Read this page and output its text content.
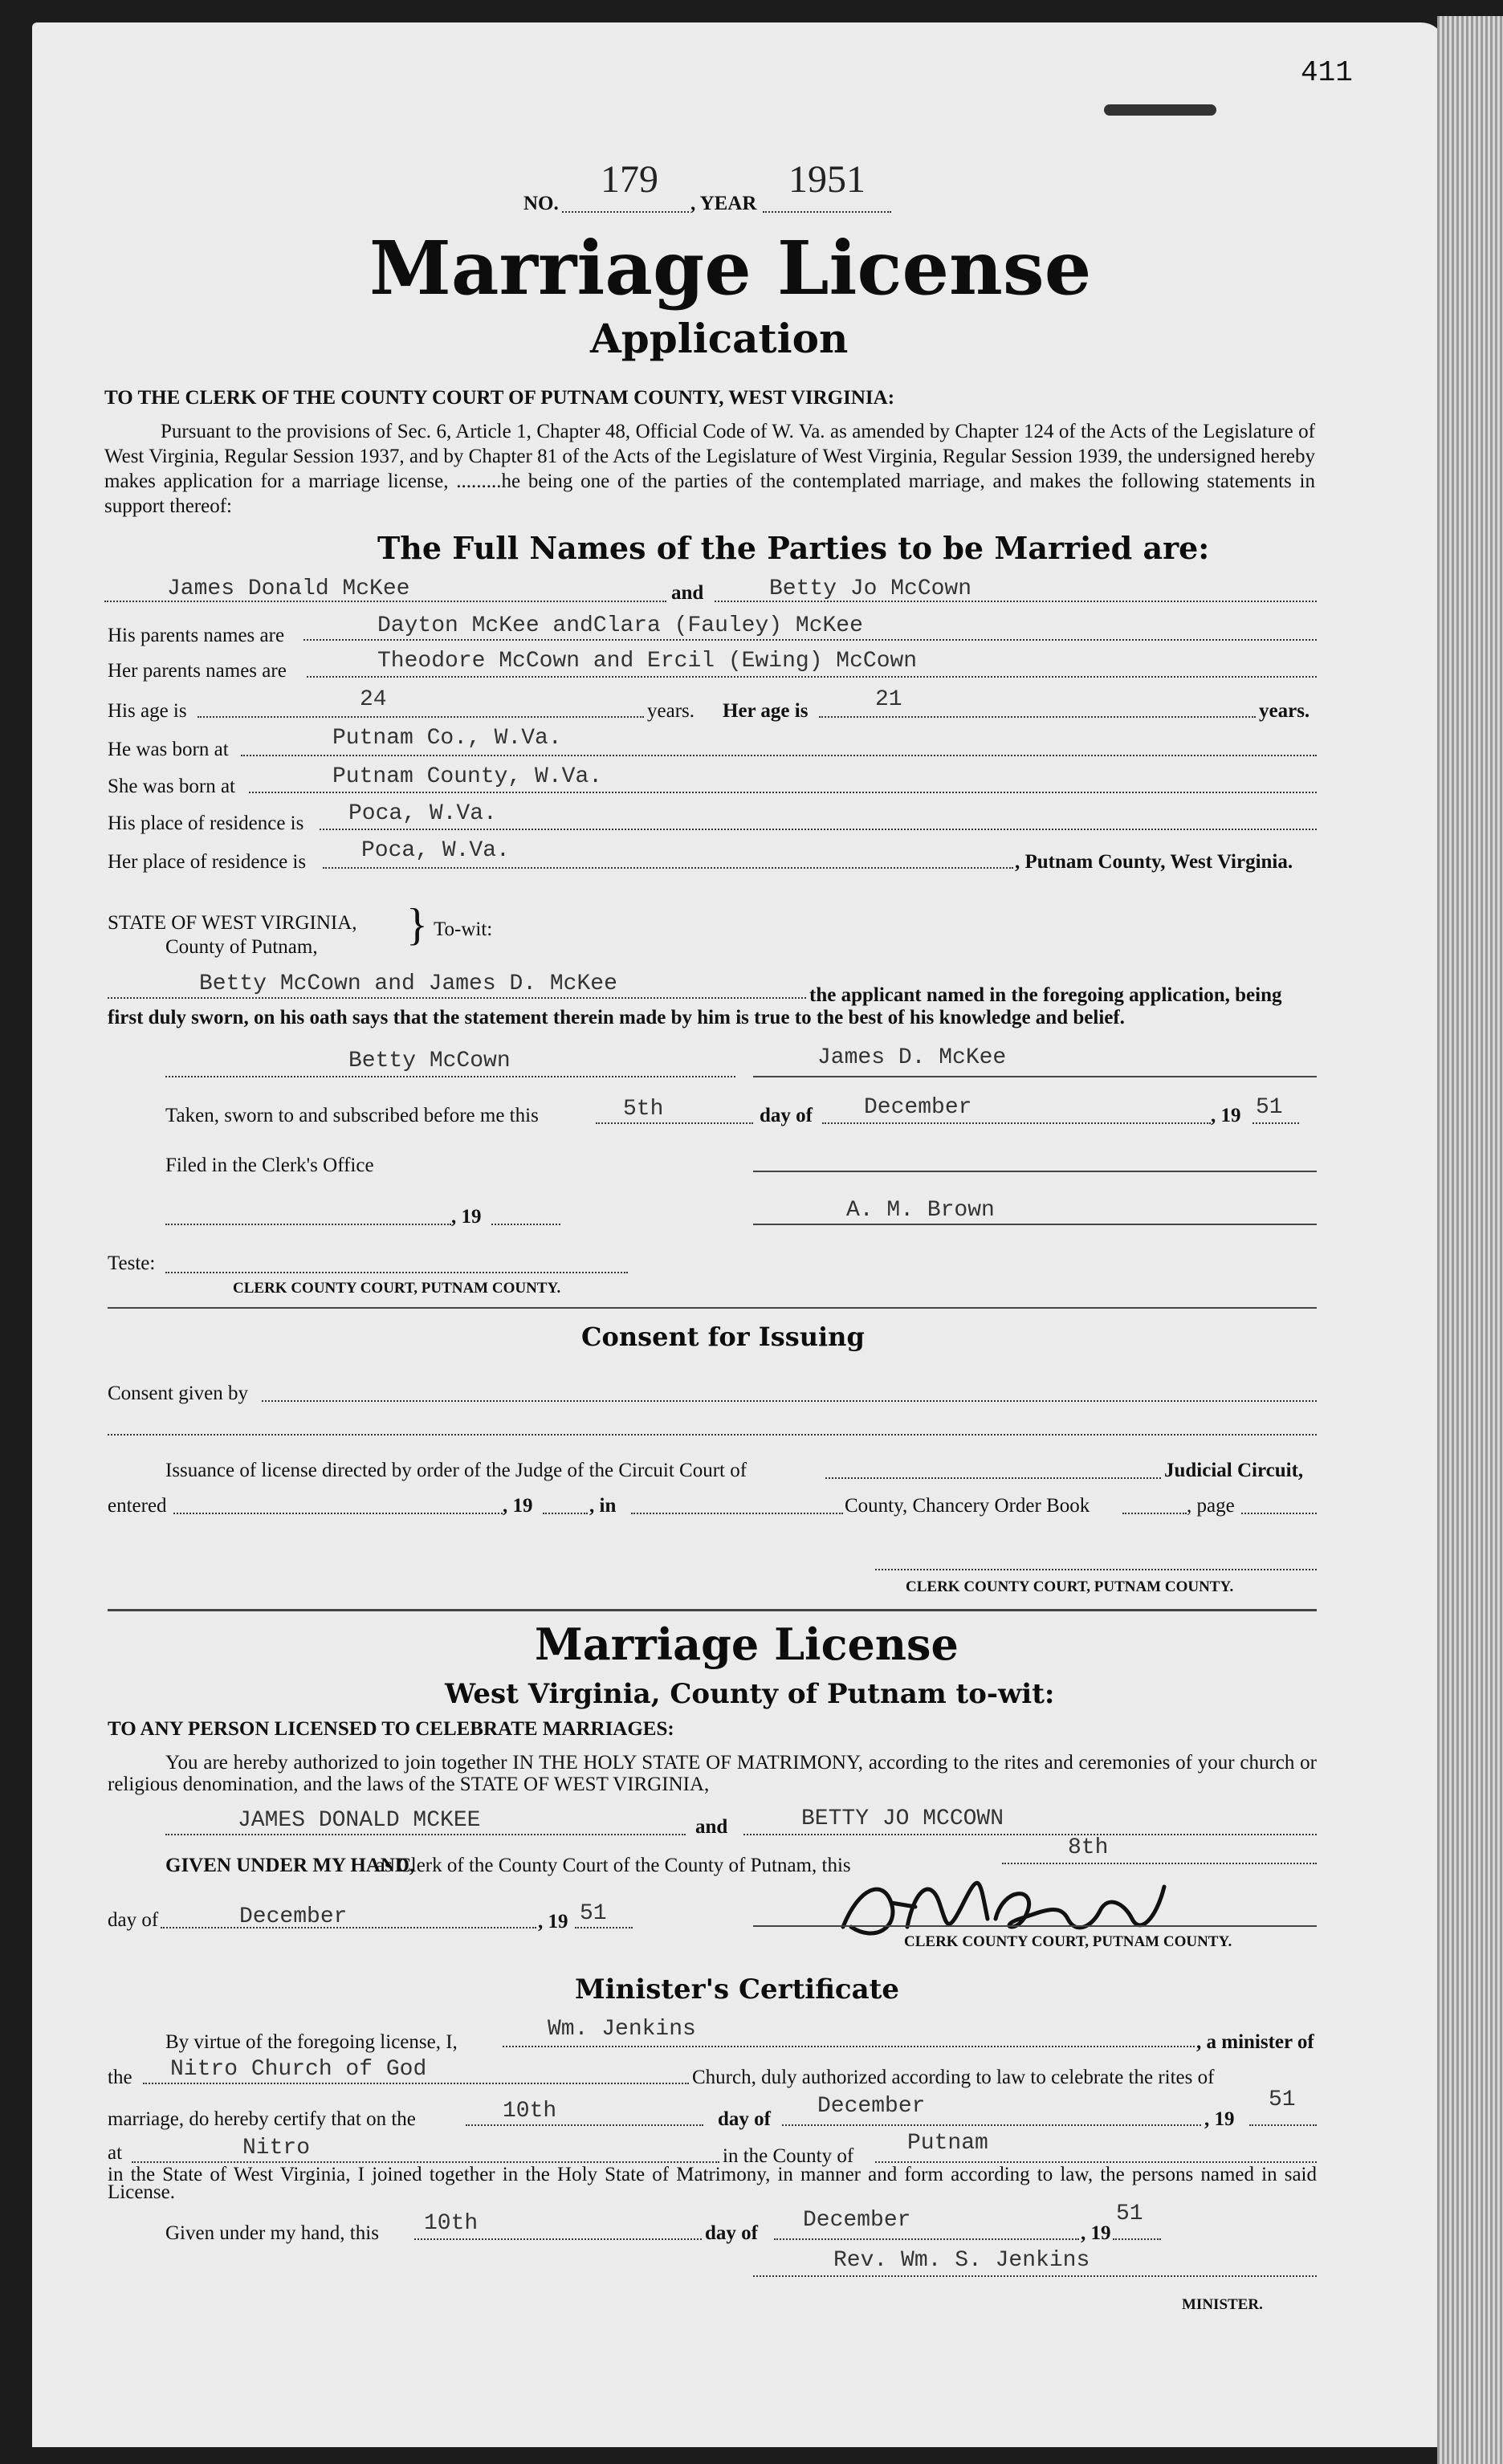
411
NO.
179
, YEAR
1951
Marriage License
Application
TO THE CLERK OF THE COUNTY COURT OF PUTNAM COUNTY, WEST VIRGINIA:
Pursuant to the provisions of Sec. 6, Article 1, Chapter 48, Official Code of W. Va. as amended by Chapter 124 of the Acts of the Legislature of West Virginia, Regular Session 1937, and by Chapter 81 of the Acts of the Legislature of West Virginia, Regular Session 1939, the undersigned hereby makes application for a marriage license, .........he being one of the parties of the contemplated marriage, and makes the following statements in support thereof:
The Full Names of the Parties to be Married are:
James Donald McKee	and	Betty Jo McCown
His parents names are	Dayton McKee andClara (Fauley) McKee
Her parents names are	Theodore McCown and Ercil (Ewing) McCown
His age is	24	years. Her age is	21	years.
He was born at	Putnam Co., W.Va.
She was born at	Putnam County, W.Va.
His place of residence is Poca, W.Va.
Her place of residence is Poca, W.Va.	, Putnam County, West Virginia.
STATE OF WEST VIRGINIA,
County of Putnam, } To-wit:
Betty McCown and James D. McKee	the applicant named in the foregoing application, being
first duly sworn, on his oath says that the statement therein made by him is true to the best of his knowledge and belief.
Betty McCown	James D. McKee
Taken, sworn to and subscribed before me this	5th	day of December	, 19 51
Filed in the Clerk's Office
, 19	A. M. Brown
Teste:
CLERK COUNTY COURT, PUTNAM COUNTY.
Consent for Issuing
Consent given by
Issuance of license directed by order of the Judge of the Circuit Court of	Judicial Circuit,
entered	, 19	, in	County, Chancery Order Book	, page
CLERK COUNTY COURT, PUTNAM COUNTY.
Marriage License
West Virginia, County of Putnam to-wit:
TO ANY PERSON LICENSED TO CELEBRATE MARRIAGES:
You are hereby authorized to join together IN THE HOLY STATE OF MATRIMONY, according to the rites and ceremonies of your church or religious denomination, and the laws of the STATE OF WEST VIRGINIA,
JAMES DONALD MCKEE	and	BETTY JO MCCOWN
GIVEN UNDER MY HAND,
as Clerk of the County Court of the County of Putnam, this
8th
day of	December	, 19 51
CLERK COUNTY COURT, PUTNAM COUNTY.
Minister's Certificate
By virtue of the foregoing license, I,
Wm. Jenkins
, a minister of
the Nitro Church of God	Church, duly authorized according to law to celebrate the rites of
marriage, do hereby certify that on the	10th	day of
December
, 19
51
at	Nitro	in the County of
Putnam
in the State of West Virginia, I joined together in the Holy State of Matrimony, in manner and form according to law, the persons named in said License.
Given under my hand, this 10th	day of
December
, 19
51
Rev. Wm. S. Jenkins
MINISTER.
